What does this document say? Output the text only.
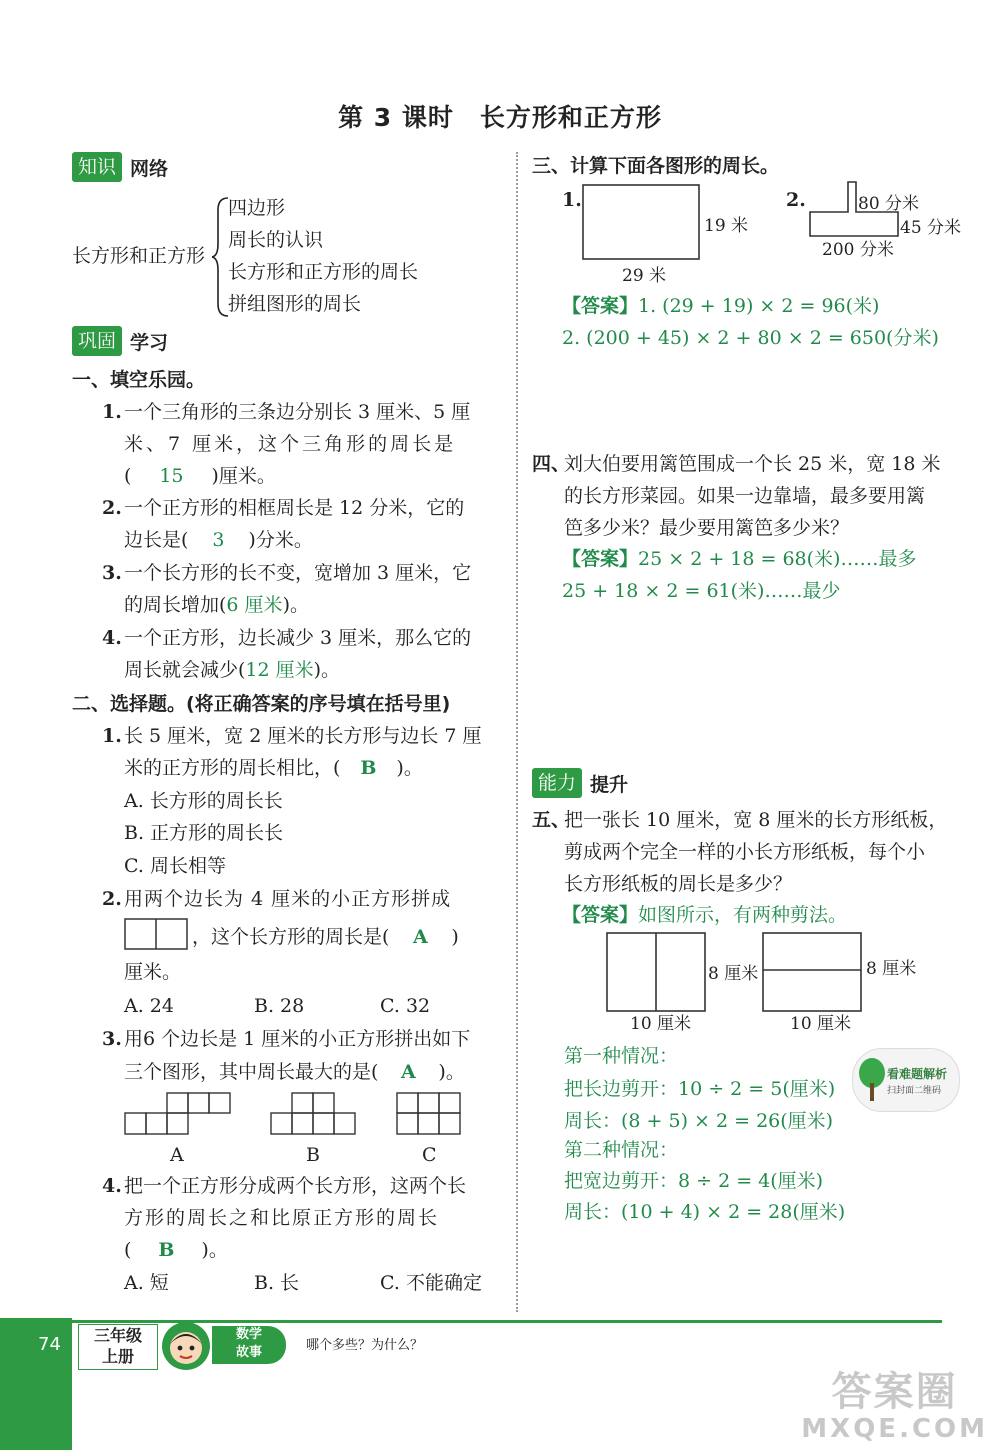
第 3 课时　长方形和正方形
知识 网络
长方形和正方形
四边形
周长的认识
长方形和正方形的周长
拼组图形的周长
巩固 学习
一、填空乐园。
1. 一个三角形的三条边分别长 3 厘米、5 厘
米、7 厘米，这个三角形的周长是
( 15 )厘米。
2. 一个正方形的相框周长是 12 分米，它的
边长是( 3 )分米。
3. 一个长方形的长不变，宽增加 3 厘米，它
的周长增加(6 厘米)。
4. 一个正方形，边长减少 3 厘米，那么它的
周长就会减少(12 厘米)。
二、选择题。(将正确答案的序号填在括号里)
1. 长 5 厘米，宽 2 厘米的长方形与边长 7 厘
米的正方形的周长相比，( B )。
A. 长方形的周长长
B. 正方形的周长长
C. 周长相等
2. 用两个边长为 4 厘米的小正方形拼成
，这个长方形的周长是( A )
厘米。
A. 24	B. 28	C. 32
3. 用6 个边长是 1 厘米的小正方形拼出如下
三个图形，其中周长最大的是( A )。
A	B	C
4. 把一个正方形分成两个长方形，这两个长
方形的周长之和比原正方形的周长
( B )。
A. 短	B. 长	C. 不能确定
三、计算下面各图形的周长。
1.
19 米
29 米
2.	80 分米
45 分米
200 分米
【答案】1. (29 + 19) × 2 = 96(米)
2. (200 + 45) × 2 + 80 × 2 = 650(分米)
四、
刘大伯要用篱笆围成一个长 25 米，宽 18 米
的长方形菜园。如果一边靠墙，最多要用篱
笆多少米？最少要用篱笆多少米？
【答案】25 × 2 + 18 = 68(米)……最多
25 + 18 × 2 = 61(米)……最少
能力 提升
五、
把一张长 10 厘米，宽 8 厘米的长方形纸板，
剪成两个完全一样的小长方形纸板，每个小
长方形纸板的周长是多少？
【答案】如图所示，有两种剪法。
8 厘米
10 厘米
8 厘米
10 厘米
第一种情况：
把长边剪开：10 ÷ 2 = 5(厘米)
周长：(8 + 5) × 2 = 26(厘米)
第二种情况：
把宽边剪开：8 ÷ 2 = 4(厘米)
周长：(10 + 4) × 2 = 28(厘米)
看难题解析
扫封面二维码
74	三年级
上册
数学
故事	哪个多些？为什么？
答案圈
MXQE.COM
